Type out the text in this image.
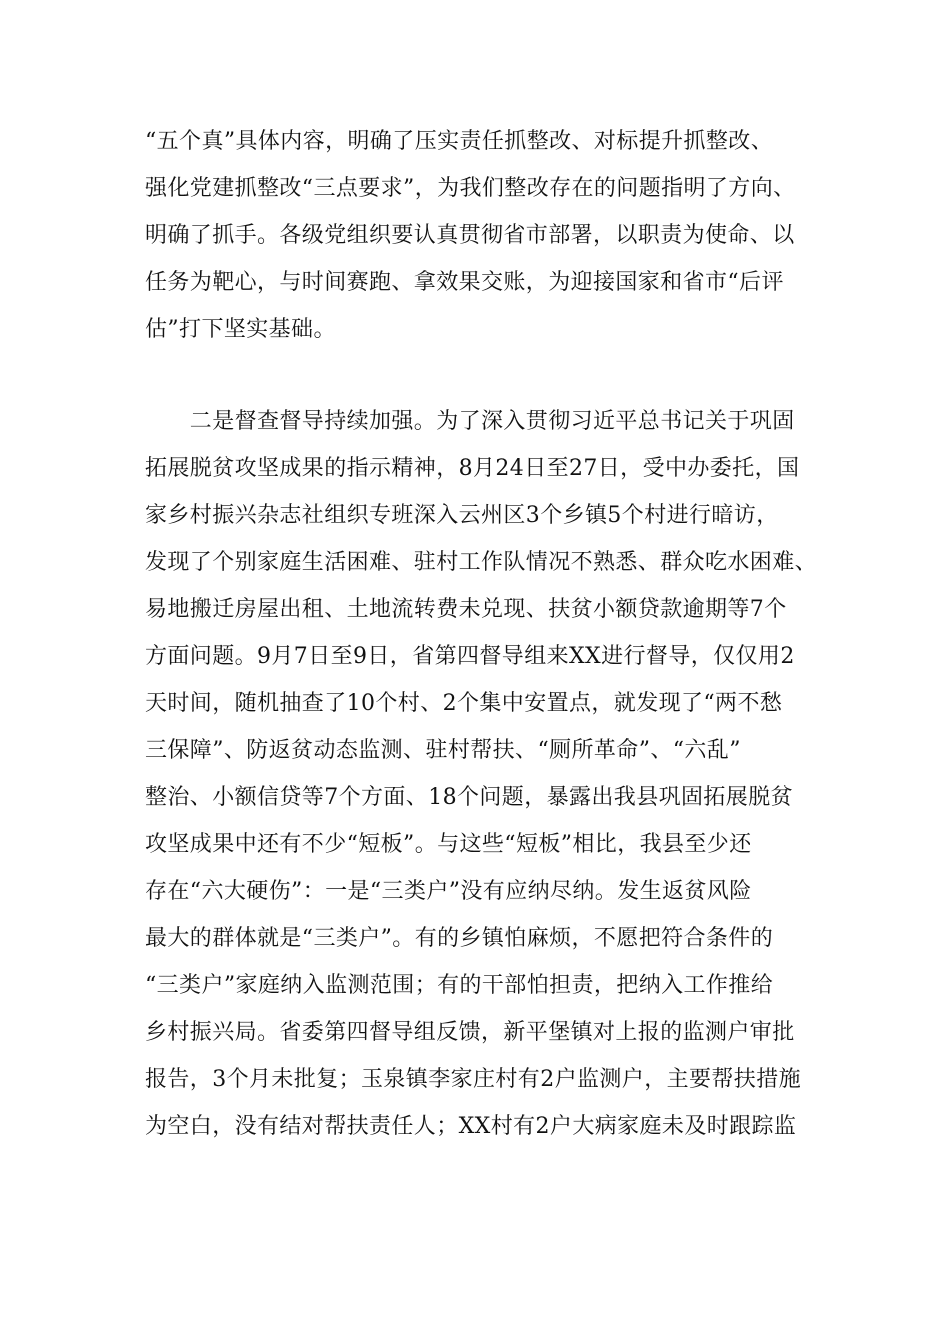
“五个真”具体内容，明确了压实责任抓整改、对标提升抓整改、
强化党建抓整改“三点要求”，为我们整改存在的问题指明了方向、
明确了抓手。各级党组织要认真贯彻省市部署，以职责为使命、以
任务为靶心，与时间赛跑、拿效果交账，为迎接国家和省市“后评
估”打下坚实基础。
　　二是督查督导持续加强。为了深入贯彻习近平总书记关于巩固
拓展脱贫攻坚成果的指示精神，8月24日至27日，受中办委托，国
家乡村振兴杂志社组织专班深入云州区3个乡镇5个村进行暗访，
发现了个别家庭生活困难、驻村工作队情况不熟悉、群众吃水困难、
易地搬迁房屋出租、土地流转费未兑现、扶贫小额贷款逾期等7个
方面问题。9月7日至9日，省第四督导组来XX进行督导，仅仅用2
天时间，随机抽查了10个村、2个集中安置点，就发现了“两不愁
三保障”、防返贫动态监测、驻村帮扶、“厕所革命”、“六乱”
整治、小额信贷等7个方面、18个问题，暴露出我县巩固拓展脱贫
攻坚成果中还有不少“短板”。与这些“短板”相比，我县至少还
存在“六大硬伤”：一是“三类户”没有应纳尽纳。发生返贫风险
最大的群体就是“三类户”。有的乡镇怕麻烦，不愿把符合条件的
“三类户”家庭纳入监测范围；有的干部怕担责，把纳入工作推给
乡村振兴局。省委第四督导组反馈，新平堡镇对上报的监测户审批
报告，3个月未批复；玉泉镇李家庄村有2户监测户，主要帮扶措施
为空白，没有结对帮扶责任人；XX村有2户大病家庭未及时跟踪监
